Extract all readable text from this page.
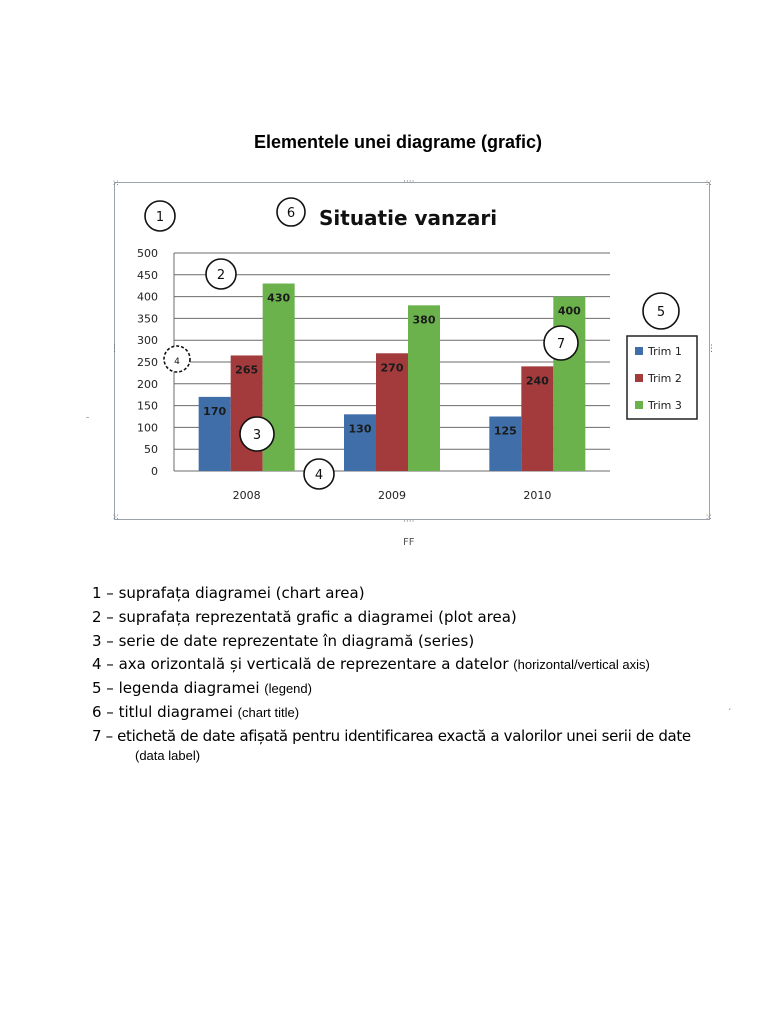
Elementele unei diagrame (grafic)
Situatie vanzari
0
50
100
150
200
250
300
350
400
450
500
170
265
430
2008
130
270
380
2009
125
240
400
2010
Trim 1
Trim 2
Trim 3
1
2
3
4
4
5
6
7
⁙	····	⁙
⋮	⋮
⁙	····	⁙
FF
ˉ
ˊ
1 – suprafața diagramei (chart area)
2 – suprafața reprezentată grafic a diagramei (plot area)
3 – serie de date reprezentate în diagramă (series)
4 – axa orizontală și verticală de reprezentare a datelor (horizontal/vertical axis)
5 – legenda diagramei (legend)
6 – titlul diagramei (chart title)
7 – etichetă de date afișată pentru identificarea exactă a valorilor unei serii de date
(data label)
